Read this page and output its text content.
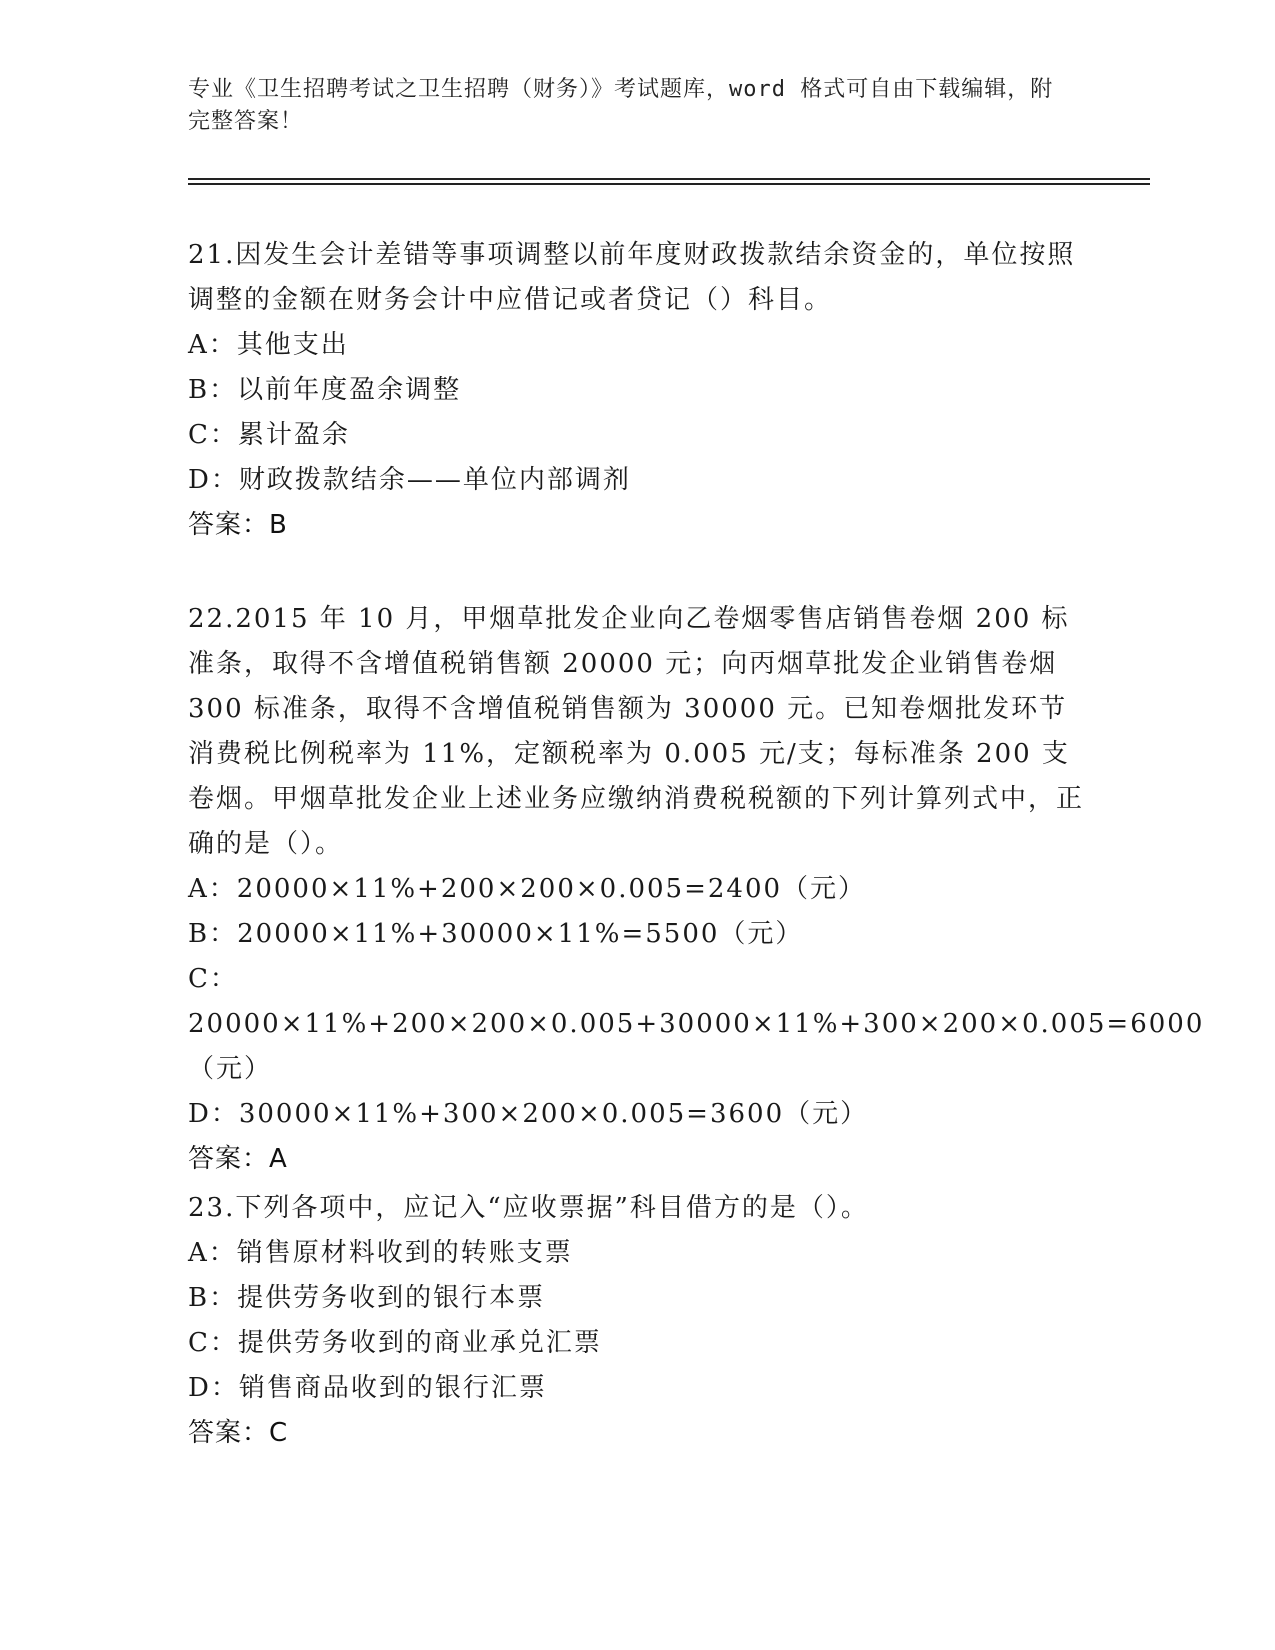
专业《卫生招聘考试之卫生招聘（财务）》考试题库，word 格式可自由下载编辑，附完整答案！

21.因发生会计差错等事项调整以前年度财政拨款结余资金的，单位按照调整的金额在财务会计中应借记或者贷记（）科目。

A：其他支出

B：以前年度盈余调整

C：累计盈余

D：财政拨款结余——单位内部调剂

答案：B

22.2015 年 10 月，甲烟草批发企业向乙卷烟零售店销售卷烟 200 标准条，取得不含增值税销售额 20000 元；向丙烟草批发企业销售卷烟 300 标准条，取得不含增值税销售额为 30000 元。已知卷烟批发环节消费税比例税率为 11%，定额税率为 0.005 元/支；每标准条 200 支卷烟。甲烟草批发企业上述业务应缴纳消费税税额的下列计算列式中，正确的是（）。

A：20000×11%+200×200×0.005=2400（元）

B：20000×11%+30000×11%=5500（元）

C：20000×11%+200×200×0.005+30000×11%+300×200×0.005=6000（元）

D：30000×11%+300×200×0.005=3600（元）

答案：A

23.下列各项中，应记入“应收票据”科目借方的是（）。

A：销售原材料收到的转账支票

B：提供劳务收到的银行本票

C：提供劳务收到的商业承兑汇票

D：销售商品收到的银行汇票

答案：C
